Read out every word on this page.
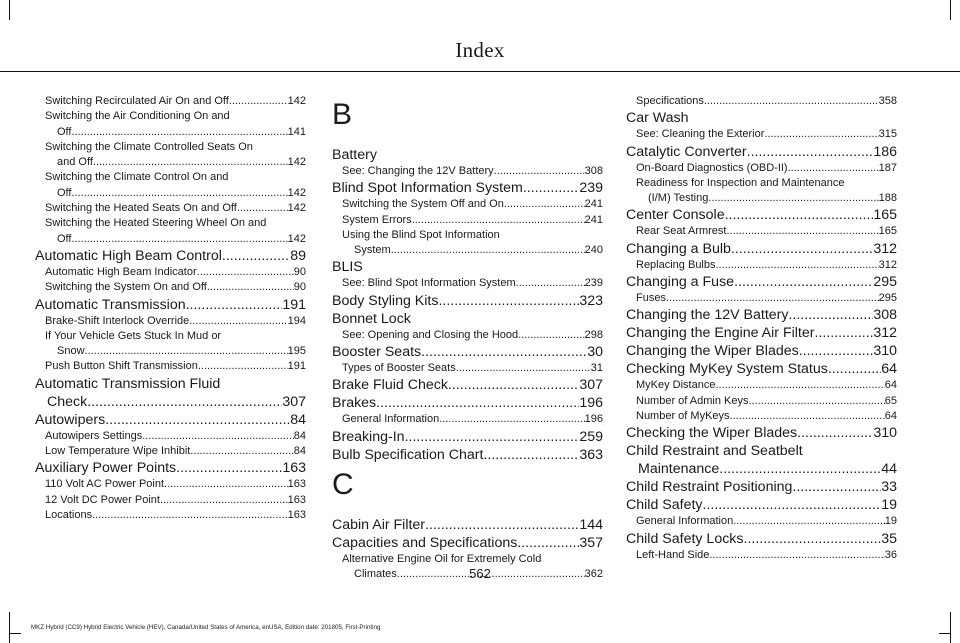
Index
Switching Recirculated Air On and Off .....	142
Switching the Air Conditioning On and
Off .....	141
Switching the Climate Controlled Seats On
and Off .....	142
Switching the Climate Control On and
Off .....	142
Switching the Heated Seats On and Off .....	142
Switching the Heated Steering Wheel On and
Off .....	142
Automatic High Beam Control .....	89
Automatic High Beam Indicator .....	90
Switching the System On and Off .....	90
Automatic Transmission .....	191
Brake-Shift Interlock Override .....	194
If Your Vehicle Gets Stuck In Mud or
Snow .....	195
Push Button Shift Transmission .....	191
Automatic Transmission Fluid
Check .....	307
Autowipers .....	84
Autowipers Settings .....	84
Low Temperature Wipe Inhibit .....	84
Auxiliary Power Points .....	163
110 Volt AC Power Point .....	163
12 Volt DC Power Point .....	163
Locations .....	163
B
Battery
See: Changing the 12V Battery .....	308
Blind Spot Information System .....	239
Switching the System Off and On .....	241
System Errors .....	241
Using the Blind Spot Information
System .....	240
BLIS
See: Blind Spot Information System .....	239
Body Styling Kits .....	323
Bonnet Lock
See: Opening and Closing the Hood .....	298
Booster Seats .....	30
Types of Booster Seats .....	31
Brake Fluid Check .....	307
Brakes .....	196
General Information .....	196
Breaking-In .....	259
Bulb Specification Chart .....	363
C
Cabin Air Filter .....	144
Capacities and Specifications .....	357
Alternative Engine Oil for Extremely Cold
Climates .....	362
Specifications .....	358
Car Wash
See: Cleaning the Exterior .....	315
Catalytic Converter .....	186
On-Board Diagnostics (OBD-II) .....	187
Readiness for Inspection and Maintenance
(I/M) Testing .....	188
Center Console .....	165
Rear Seat Armrest .....	165
Changing a Bulb .....	312
Replacing Bulbs .....	312
Changing a Fuse .....	295
Fuses .....	295
Changing the 12V Battery .....	308
Changing the Engine Air Filter .....	312
Changing the Wiper Blades .....	310
Checking MyKey System Status .....	64
MyKey Distance .....	64
Number of Admin Keys .....	65
Number of MyKeys .....	64
Checking the Wiper Blades .....	310
Child Restraint and Seatbelt
Maintenance .....	44
Child Restraint Positioning .....	33
Child Safety .....	19
General Information .....	19
Child Safety Locks .....	35
Left-Hand Side .....	36
562
MKZ Hybrid (CC9) Hybrid Electric Vehicle (HEV), Canada/United States of America, enUSA, Edition date: 201805, First-Printing
